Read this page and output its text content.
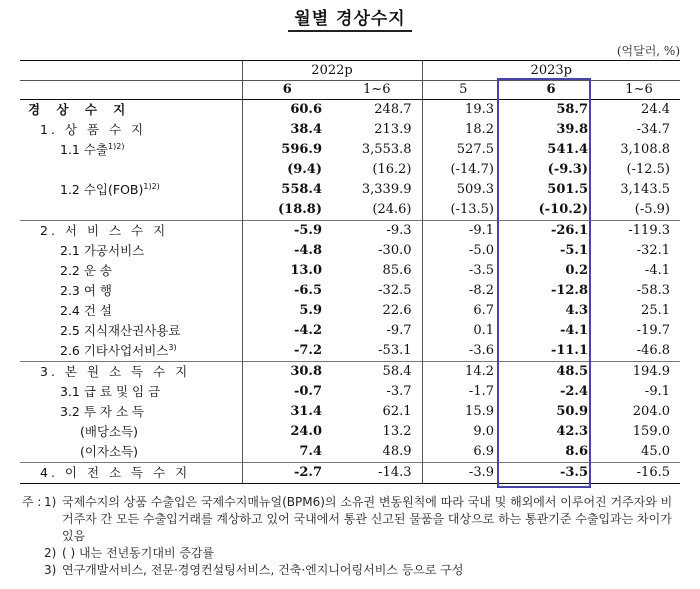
월별 경상수지
(억달러, %)
	2022p		2023p		
	6	1~6	5	6	1~6
경 상 수 지	60.6	248.7	19.3	58.7	24.4
1. 상 품 수 지	38.4	213.9	18.2	39.8	-34.7
1.1 수출$^{1)2)}$	596.9	3,553.8	527.5	541.4	3,108.8
	(9.4)	(16.2)	(-14.7)	(-9.3)	(-12.5)
1.2 수입(FOB)$^{1)2)}$	558.4	3,339.9	509.3	501.5	3,143.5
	(18.8)	(24.6)	(-13.5)	(-10.2)	(-5.9)
2. 서 비 스 수 지	-5.9	-9.3	-9.1	-26.1	-119.3
2.1 가공서비스	-4.8	-30.0	-5.0	-5.1	-32.1
2.2 운 송	13.0	85.6	-3.5	0.2	-4.1
2.3 여 행	-6.5	-32.5	-8.2	-12.8	-58.3
2.4 건 설	5.9	22.6	6.7	4.3	25.1
2.5 지식재산권사용료	-4.2	-9.7	0.1	-4.1	-19.7
2.6 기타사업서비스$^{3)}$	-7.2	-53.1	-3.6	-11.1	-46.8
3. 본 원 소 득 수 지	30.8	58.4	14.2	48.5	194.9
3.1 급 료 및 임 금	-0.7	-3.7	-1.7	-2.4	-9.1
3.2 투 자 소 득	31.4	62.1	15.9	50.9	204.0
(배당소득)	24.0	13.2	9.0	42.3	159.0
(이자소득)	7.4	48.9	6.9	8.6	45.0
4. 이 전 소 득 수 지	-2.7	-14.3	-3.9	-3.5	-16.5
주 : 1) 국제수지의 상품 수출입은 국제수지매뉴얼(BPM6)의 소유권 변동원칙에 따라 국내 및 해외에서 이루어진 거주자와 비거주자 간 모든 수출입거래를 계상하고 있어 국내에서 통관 신고된 물품을 대상으로 하는 통관기준 수출입과는 차이가 있음
2) ( ) 내는 전년동기대비 증감률
3) 연구개발서비스, 전문·경영컨설팅서비스, 건축·엔지니어링서비스 등으로 구성
